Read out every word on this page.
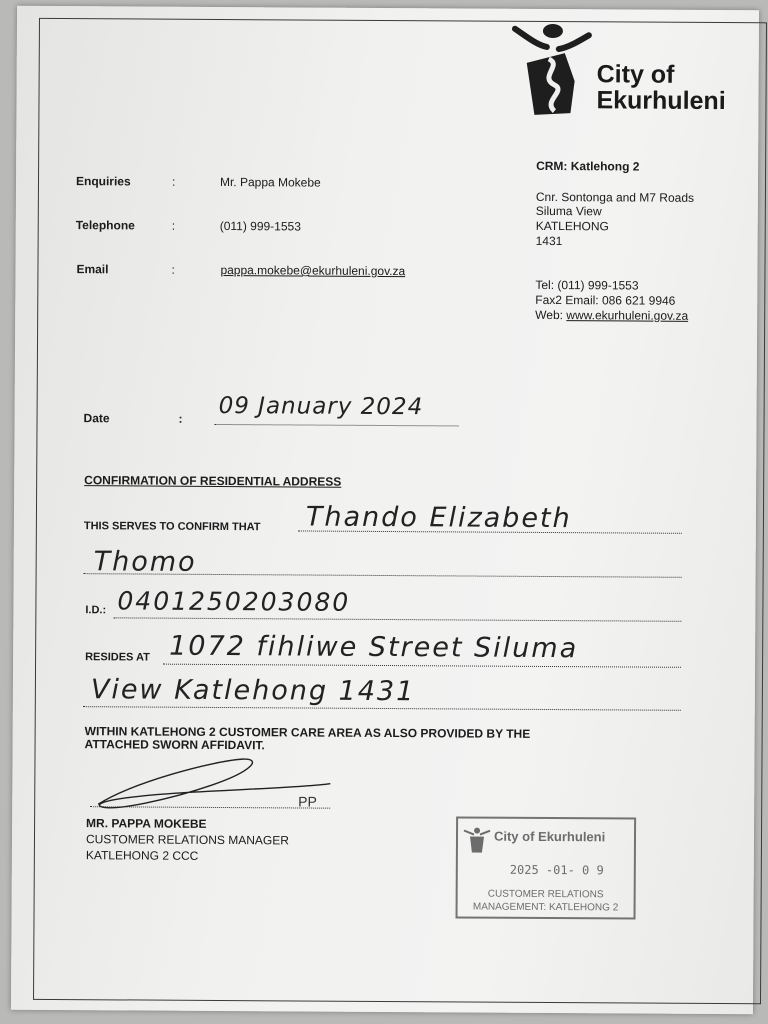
City of
Ekurhuleni
Enquiries	:	Mr. Pappa Mokebe
Telephone	:	(011) 999-1553
Email	:	pappa.mokebe@ekurhuleni.gov.za
CRM: Katlehong 2
Cnr. Sontonga and M7 Roads
Siluma View
KATLEHONG
1431
Tel: (011) 999-1553
Fax2 Email: 086 621 9946
Web: www.ekurhuleni.gov.za
Date	: 09 January 2024
CONFIRMATION OF RESIDENTIAL ADDRESS
THIS SERVES TO CONFIRM THAT Thando Elizabeth
Thomo
I.D.: 0401250203080
RESIDES AT 1072 fihliwe Street Siluma
View Katlehong 1431
WITHIN KATLEHONG 2 CUSTOMER CARE AREA AS ALSO PROVIDED BY THE
ATTACHED SWORN AFFIDAVIT.
PP
MR. PAPPA MOKEBE
CUSTOMER RELATIONS MANAGER
KATLEHONG 2 CCC
City of Ekurhuleni
2025 -01- 0 9
CUSTOMER RELATIONS
MANAGEMENT: KATLEHONG 2
